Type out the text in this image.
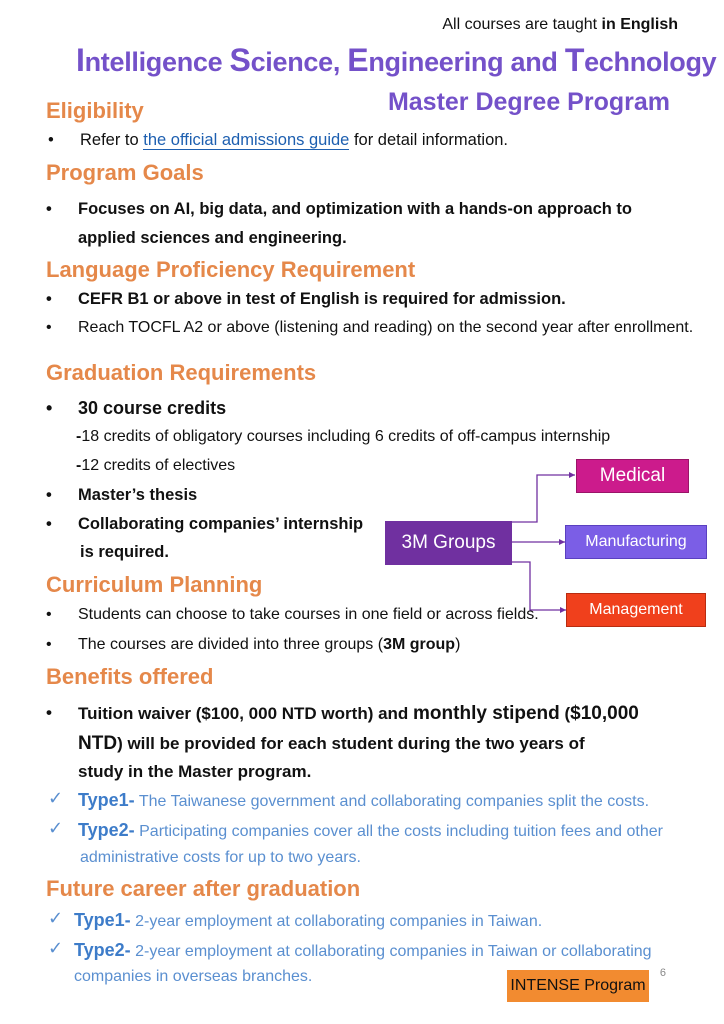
All courses are taught in English
Intelligence Science, Engineering and Technology
Master Degree Program
Eligibility
• Refer to the official admissions guide for detail information.
Program Goals
• Focuses on AI, big data, and optimization with a hands-on approach to
applied sciences and engineering.
Language Proficiency Requirement
• CEFR B1 or above in test of English is required for admission.
• Reach TOCFL A2 or above (listening and reading) on the second year after enrollment.
Graduation Requirements
• 30 course credits
-18 credits of obligatory courses including 6 credits of off-campus internship
-12 credits of electives
• Master’s thesis
• Collaborating companies’ internship
is required.	3M Groups
Medical
Manufacturing
Management
Curriculum Planning
• Students can choose to take courses in one field or across fields.
• The courses are divided into three groups (3M group)
Benefits offered
• Tuition waiver ($100, 000 NTD worth) and monthly stipend ($10,000
NTD) will be provided for each student during the two years of
study in the Master program.
✓ Type1- The Taiwanese government and collaborating companies split the costs.
✓ Type2- Participating companies cover all the costs including tuition fees and other
administrative costs for up to two years.
Future career after graduation
✓ Type1- 2-year employment at collaborating companies in Taiwan.
✓ Type2- 2-year employment at collaborating companies in Taiwan or collaborating
companies in overseas branches.
INTENSE Program
6
